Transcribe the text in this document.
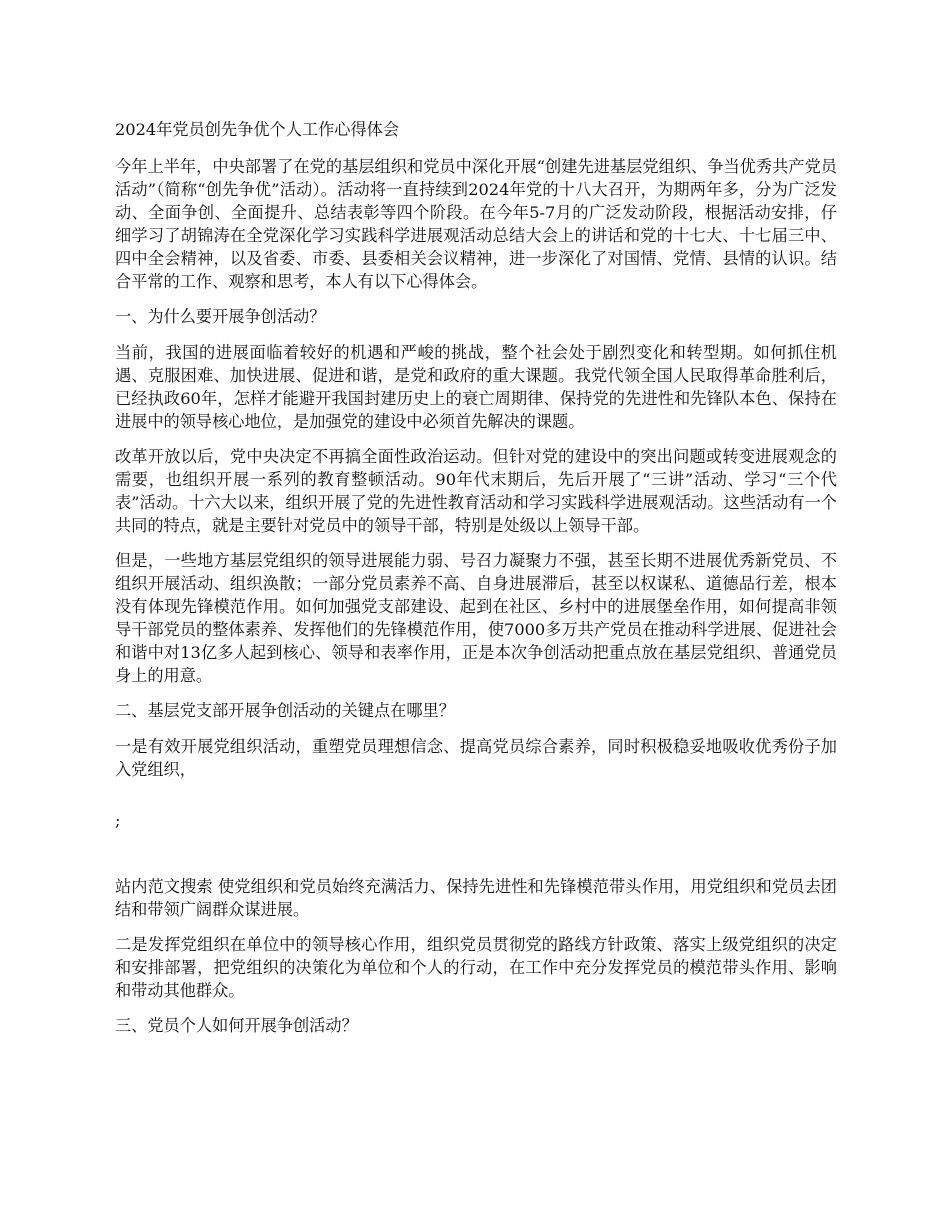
2024年党员创先争优个人工作心得体会

今年上半年，中央部署了在党的基层组织和党员中深化开展“创建先进基层党组织、争当优秀共产党员活动”（简称“创先争优”活动）。活动将一直持续到2024年党的十八大召开，为期两年多，分为广泛发动、全面争创、全面提升、总结表彰等四个阶段。在今年5-7月的广泛发动阶段，根据活动安排，仔细学习了胡锦涛在全党深化学习实践科学进展观活动总结大会上的讲话和党的十七大、十七届三中、四中全会精神，以及省委、市委、县委相关会议精神，进一步深化了对国情、党情、县情的认识。结合平常的工作、观察和思考，本人有以下心得体会。

一、为什么要开展争创活动？

当前，我国的进展面临着较好的机遇和严峻的挑战，整个社会处于剧烈变化和转型期。如何抓住机遇、克服困难、加快进展、促进和谐，是党和政府的重大课题。我党代领全国人民取得革命胜利后，已经执政60年，怎样才能避开我国封建历史上的衰亡周期律、保持党的先进性和先锋队本色、保持在进展中的领导核心地位，是加强党的建设中必须首先解决的课题。

改革开放以后，党中央决定不再搞全面性政治运动。但针对党的建设中的突出问题或转变进展观念的需要，也组织开展一系列的教育整顿活动。90年代末期后，先后开展了“三讲”活动、学习“三个代表”活动。十六大以来，组织开展了党的先进性教育活动和学习实践科学进展观活动。这些活动有一个共同的特点，就是主要针对党员中的领导干部，特别是处级以上领导干部。

但是，一些地方基层党组织的领导进展能力弱、号召力凝聚力不强，甚至长期不进展优秀新党员、不组织开展活动、组织涣散；一部分党员素养不高、自身进展滞后，甚至以权谋私、道德品行差，根本没有体现先锋模范作用。如何加强党支部建设、起到在社区、乡村中的进展堡垒作用，如何提高非领导干部党员的整体素养、发挥他们的先锋模范作用，使7000多万共产党员在推动科学进展、促进社会和谐中对13亿多人起到核心、领导和表率作用，正是本次争创活动把重点放在基层党组织、普通党员身上的用意。

二、基层党支部开展争创活动的关键点在哪里？

一是有效开展党组织活动，重塑党员理想信念、提高党员综合素养，同时积极稳妥地吸收优秀份子加入党组织，

;

站内范文搜索 使党组织和党员始终充满活力、保持先进性和先锋模范带头作用，用党组织和党员去团结和带领广阔群众谋进展。

二是发挥党组织在单位中的领导核心作用，组织党员贯彻党的路线方针政策、落实上级党组织的决定和安排部署，把党组织的决策化为单位和个人的行动，在工作中充分发挥党员的模范带头作用、影响和带动其他群众。

三、党员个人如何开展争创活动？
